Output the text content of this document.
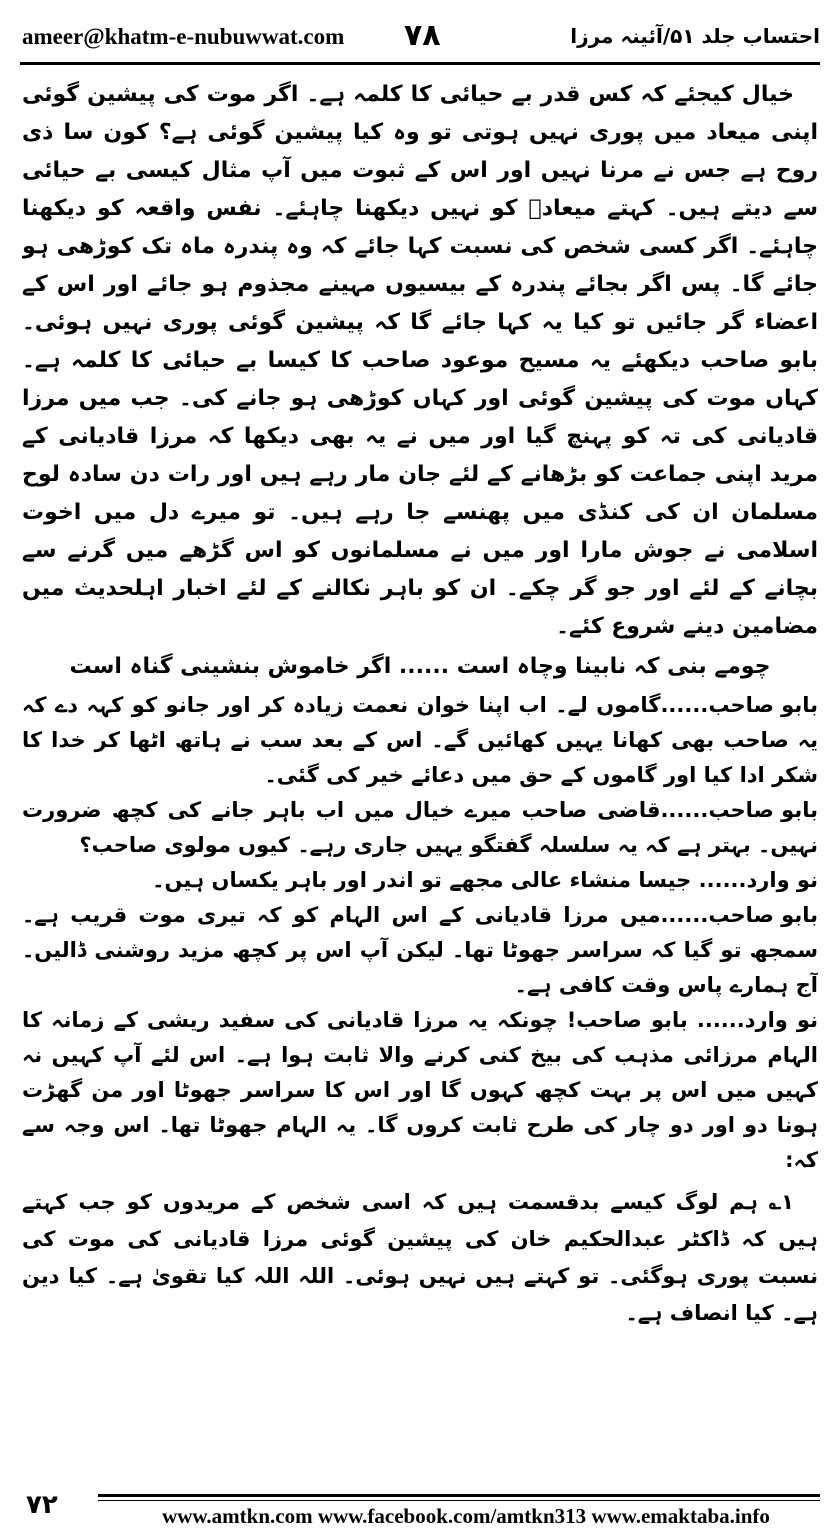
ameer@khatm-e-nubuwwat.com ۷۸	احتساب جلد ۵۱/آئینہ مرزا

خیال کیجئے کہ کس قدر بے حیائی کا کلمہ ہے۔ اگر موت کی پیشین گوئی اپنی میعاد میں پوری نہیں ہوتی تو وہ کیا پیشین گوئی ہے؟ کون سا ذی روح ہے جس نے مرنا نہیں اور اس کے ثبوت میں آپ مثال کیسی بے حیائی سے دیتے ہیں۔ کہتے میعادؔ کو نہیں دیکھنا چاہئے۔ نفس واقعہ کو دیکھنا چاہئے۔ اگر کسی شخص کی نسبت کہا جائے کہ وہ پندرہ ماہ تک کوڑھی ہو جائے گا۔ پس اگر بجائے پندرہ کے بیسیوں مہینے مجذوم ہو جائے اور اس کے اعضاء گر جائیں تو کیا یہ کہا جائے گا کہ پیشین گوئی پوری نہیں ہوئی۔ بابو صاحب دیکھئے یہ مسیح موعود صاحب کا کیسا بے حیائی کا کلمہ ہے۔ کہاں موت کی پیشین گوئی اور کہاں کوڑھی ہو جانے کی۔ جب میں مرزا قادیانی کی تہ کو پہنچ گیا اور میں نے یہ بھی دیکھا کہ مرزا قادیانی کے مرید اپنی جماعت کو بڑھانے کے لئے جان مار رہے ہیں اور رات دن سادہ لوح مسلمان ان کی کنڈی میں پھنسے جا رہے ہیں۔ تو میرے دل میں اخوت اسلامی نے جوش مارا اور میں نے مسلمانوں کو اس گڑھے میں گرنے سے بچانے کے لئے اور جو گر چکے۔ ان کو باہر نکالنے کے لئے اخبار اہلحدیث میں مضامین دینے شروع کئے۔

چومے بنی کہ نابینا وچاہ است ...... اگر خاموش بنشینی گناہ است

بابو صاحب......گاموں لے۔ اب اپنا خوان نعمت زیادہ کر اور جانو کو کہہ دے کہ یہ صاحب بھی کھانا یہیں کھائیں گے۔ اس کے بعد سب نے ہاتھ اٹھا کر خدا کا شکر ادا کیا اور گاموں کے حق میں دعائے خیر کی گئی۔

بابو صاحب......قاضی صاحب میرے خیال میں اب باہر جانے کی کچھ ضرورت نہیں۔ بہتر ہے کہ یہ سلسلہ گفتگو یہیں جاری رہے۔ کیوں مولوی صاحب؟

نو وارد...... جیسا منشاء عالی مجھے تو اندر اور باہر یکساں ہیں۔

بابو صاحب......میں مرزا قادیانی کے اس الہام کو کہ تیری موت قریب ہے۔ سمجھ تو گیا کہ سراسر جھوٹا تھا۔ لیکن آپ اس پر کچھ مزید روشنی ڈالیں۔ آج ہمارے پاس وقت کافی ہے۔

نو وارد...... بابو صاحب! چونکہ یہ مرزا قادیانی کی سفید ریشی کے زمانہ کا الہام مرزائی مذہب کی بیخ کنی کرنے والا ثابت ہوا ہے۔ اس لئے آپ کہیں نہ کہیں میں اس پر بہت کچھ کہوں گا اور اس کا سراسر جھوٹا اور من گھڑت ہونا دو اور دو چار کی طرح ثابت کروں گا۔ یہ الہام جھوٹا تھا۔ اس وجہ سے کہ:

۱؎ ہم لوگ کیسے بدقسمت ہیں کہ اسی شخص کے مریدوں کو جب کہتے ہیں کہ ڈاکٹر عبدالحکیم خان کی پیشین گوئی مرزا قادیانی کی موت کی نسبت پوری ہوگئی۔ تو کہتے ہیں نہیں ہوئی۔ اللہ اللہ کیا تقویٰ ہے۔ کیا دین ہے۔ کیا انصاف ہے۔

۷۲	www.amtkn.com www.facebook.com/amtkn313 www.emaktaba.info
